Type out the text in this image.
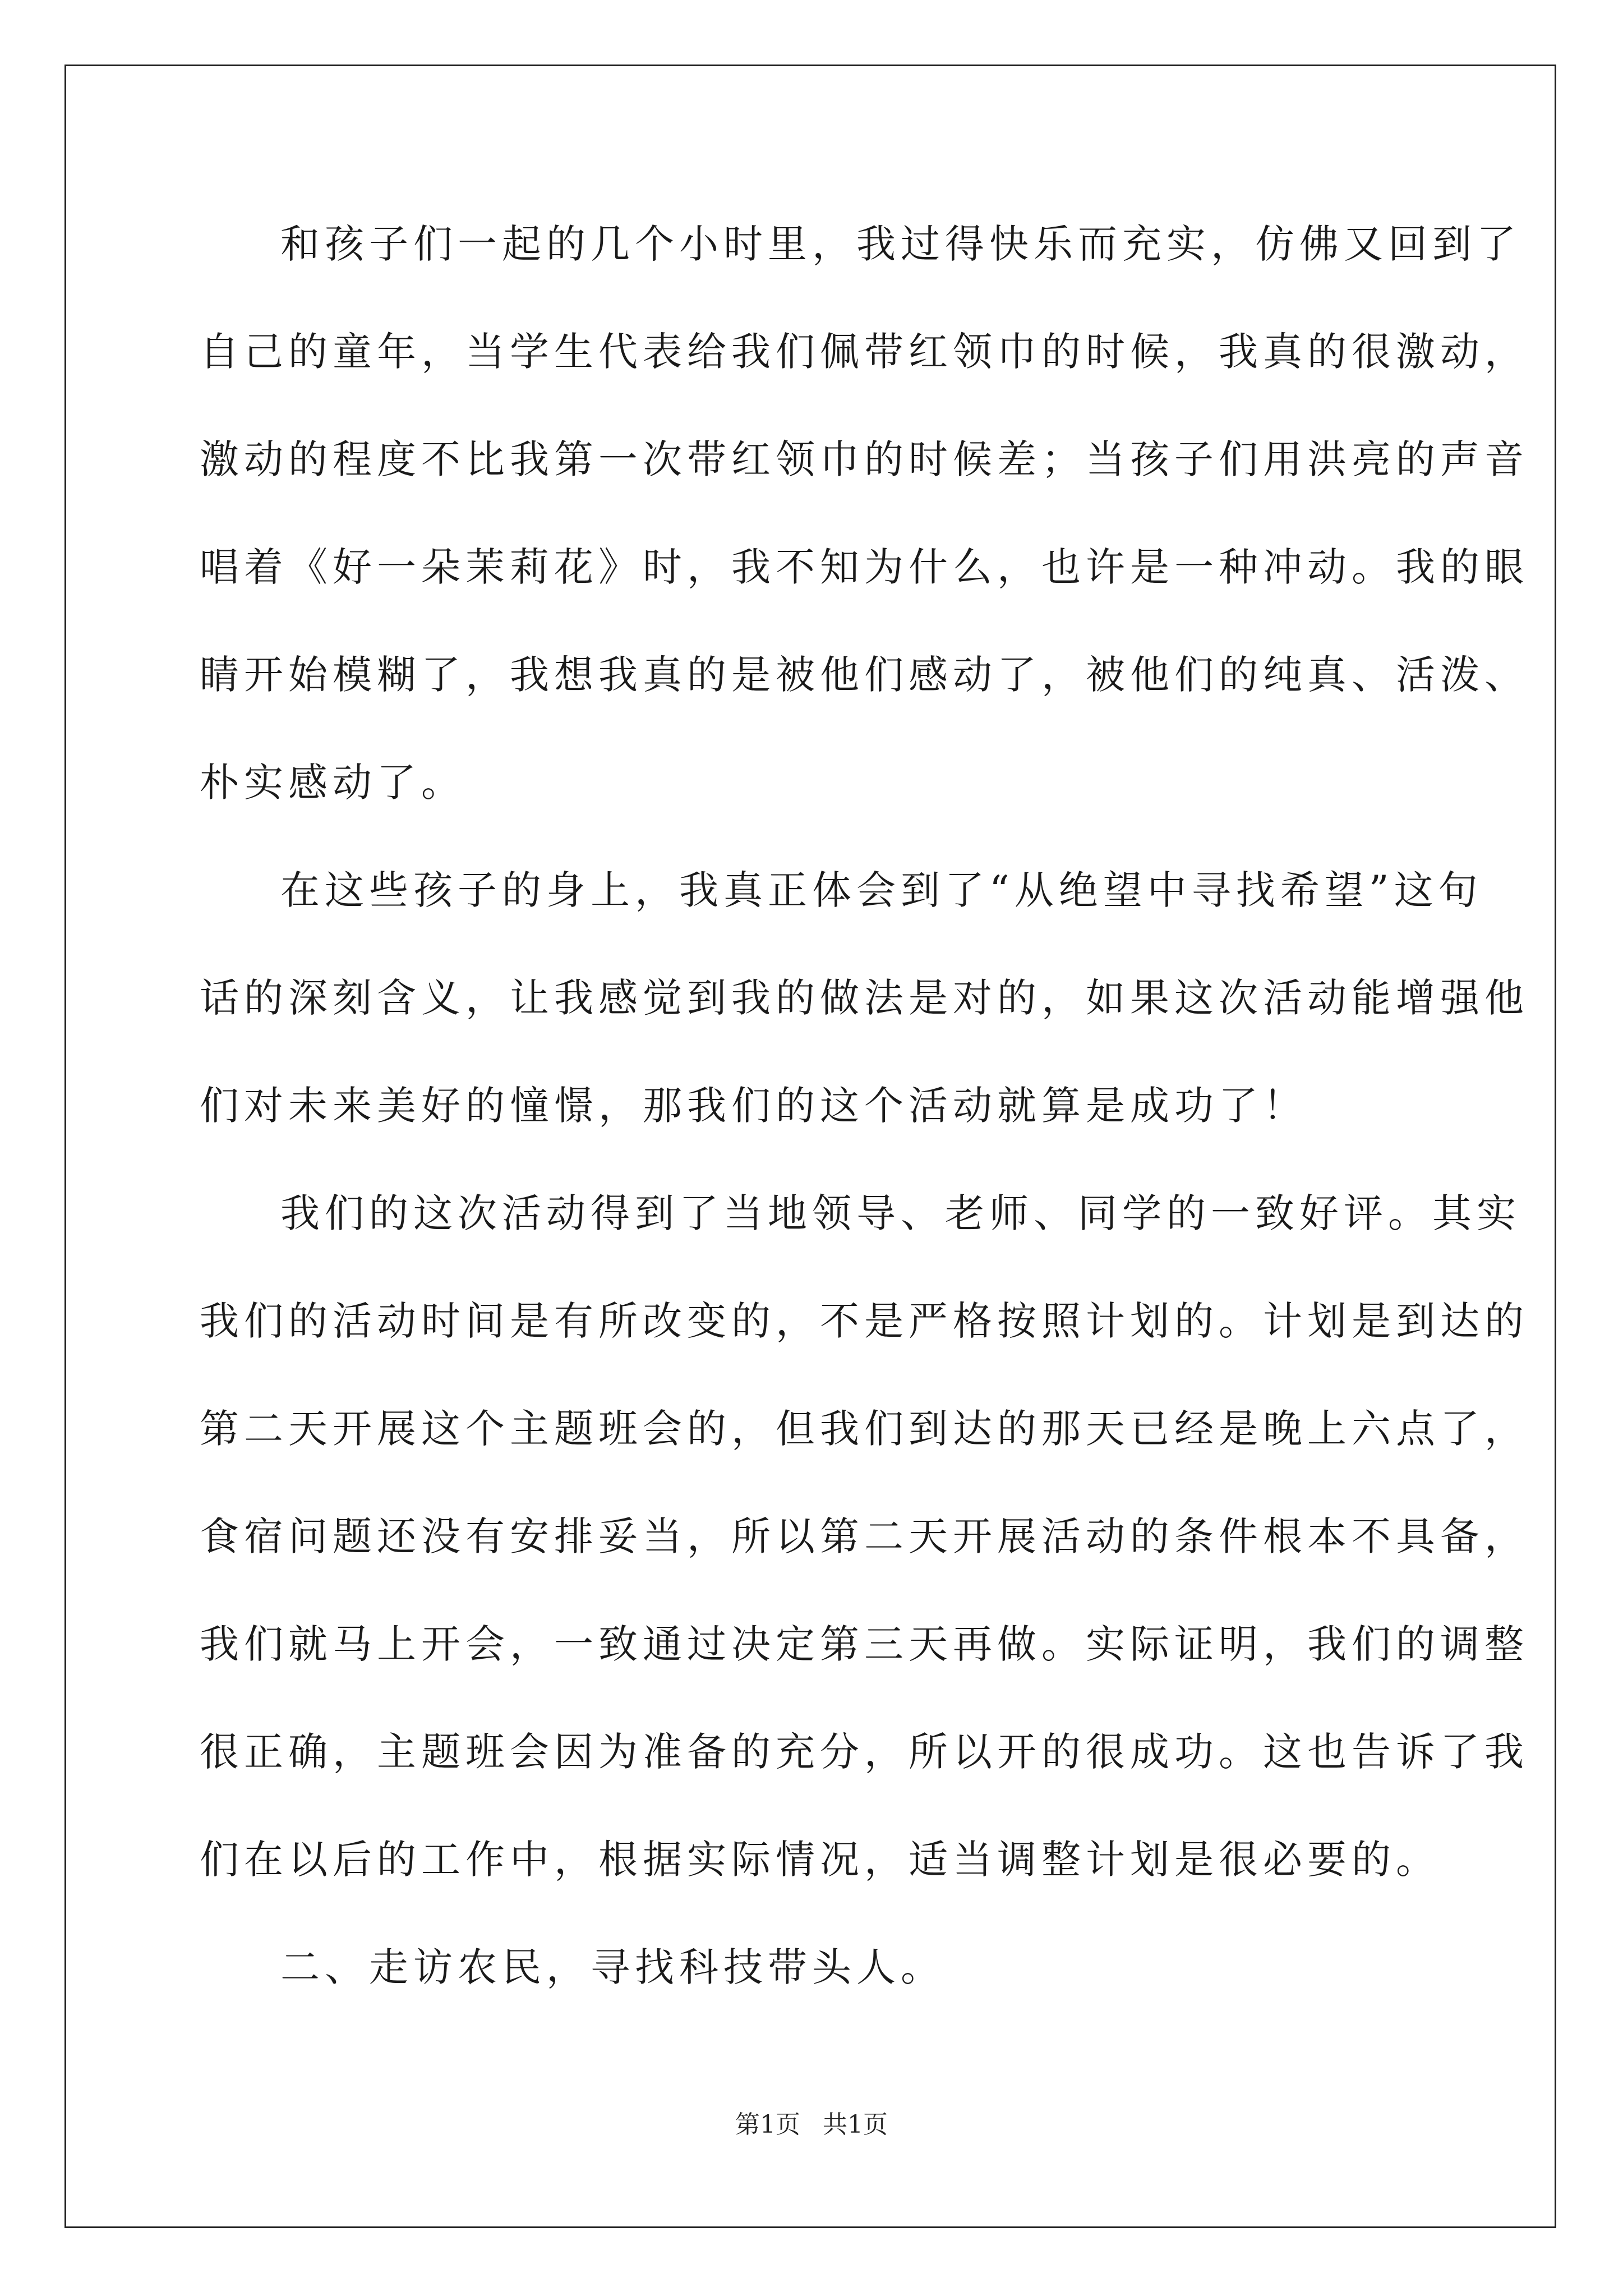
和孩子们一起的几个小时里，我过得快乐而充实，仿佛又回到了
自己的童年，当学生代表给我们佩带红领巾的时候，我真的很激动，
激动的程度不比我第一次带红领巾的时候差；当孩子们用洪亮的声音
唱着《好一朵茉莉花》时，我不知为什么，也许是一种冲动。我的眼
睛开始模糊了，我想我真的是被他们感动了，被他们的纯真、活泼、
朴实感动了。
在这些孩子的身上，我真正体会到了“从绝望中寻找希望”这句
话的深刻含义，让我感觉到我的做法是对的，如果这次活动能增强他
们对未来美好的憧憬，那我们的这个活动就算是成功了！
我们的这次活动得到了当地领导、老师、同学的一致好评。其实
我们的活动时间是有所改变的，不是严格按照计划的。计划是到达的
第二天开展这个主题班会的，但我们到达的那天已经是晚上六点了，
食宿问题还没有安排妥当，所以第二天开展活动的条件根本不具备，
我们就马上开会，一致通过决定第三天再做。实际证明，我们的调整
很正确，主题班会因为准备的充分，所以开的很成功。这也告诉了我
们在以后的工作中，根据实际情况，适当调整计划是很必要的。
二、走访农民，寻找科技带头人。
第1页 共1页
